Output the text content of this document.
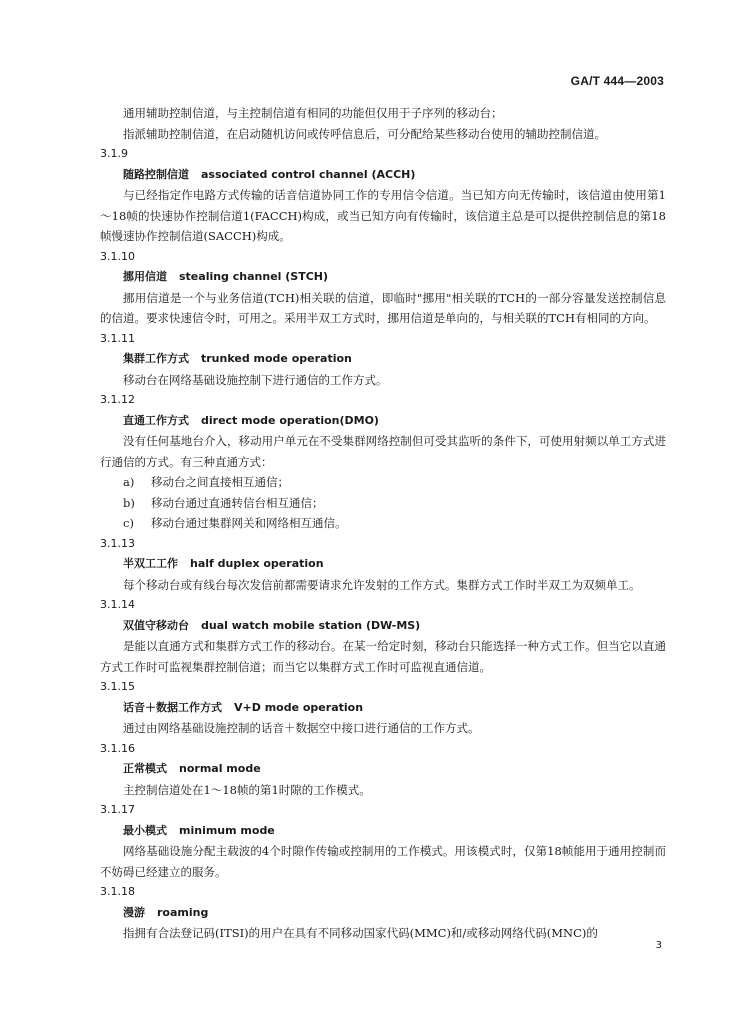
GA/T 444—2003

通用辅助控制信道，与主控制信道有相同的功能但仅用于子序列的移动台；

指派辅助控制信道，在启动随机访问或传呼信息后，可分配给某些移动台使用的辅助控制信道。

3.1.9

随路控制信道 associated control channel (ACCH)

与已经指定作电路方式传输的话音信道协同工作的专用信令信道。当已知方向无传输时，该信道由使用第1～18帧的快速协作控制信道1(FACCH)构成，或当已知方向有传输时，该信道主总是可以提供控制信息的第18帧慢速协作控制信道(SACCH)构成。

3.1.10

挪用信道 stealing channel (STCH)

挪用信道是一个与业务信道(TCH)相关联的信道，即临时"挪用"相关联的TCH的一部分容量发送控制信息的信道。要求快速信令时，可用之。采用半双工方式时，挪用信道是单向的，与相关联的TCH有相同的方向。

3.1.11

集群工作方式 trunked mode operation

移动台在网络基础设施控制下进行通信的工作方式。

3.1.12

直通工作方式 direct mode operation(DMO)

没有任何基地台介入，移动用户单元在不受集群网络控制但可受其监听的条件下，可使用射频以单工方式进行通信的方式。有三种直通方式：

a) 移动台之间直接相互通信；

b) 移动台通过直通转信台相互通信；

c) 移动台通过集群网关和网络相互通信。

3.1.13

半双工工作 half duplex operation

每个移动台或有线台每次发信前都需要请求允许发射的工作方式。集群方式工作时半双工为双频单工。

3.1.14

双值守移动台 dual watch mobile station (DW-MS)

是能以直通方式和集群方式工作的移动台。在某一给定时刻，移动台只能选择一种方式工作。但当它以直通方式工作时可监视集群控制信道；而当它以集群方式工作时可监视直通信道。

3.1.15

话音＋数据工作方式 V+D mode operation

通过由网络基础设施控制的话音＋数据空中接口进行通信的工作方式。

3.1.16

正常模式 normal mode

主控制信道处在1～18帧的第1时隙的工作模式。

3.1.17

最小模式 minimum mode

网络基础设施分配主载波的4个时隙作传输或控制用的工作模式。用该模式时，仅第18帧能用于通用控制而不妨碍已经建立的服务。

3.1.18

漫游 roaming

指拥有合法登记码(ITSI)的用户在具有不同移动国家代码(MMC)和/或移动网络代码(MNC)的

3
